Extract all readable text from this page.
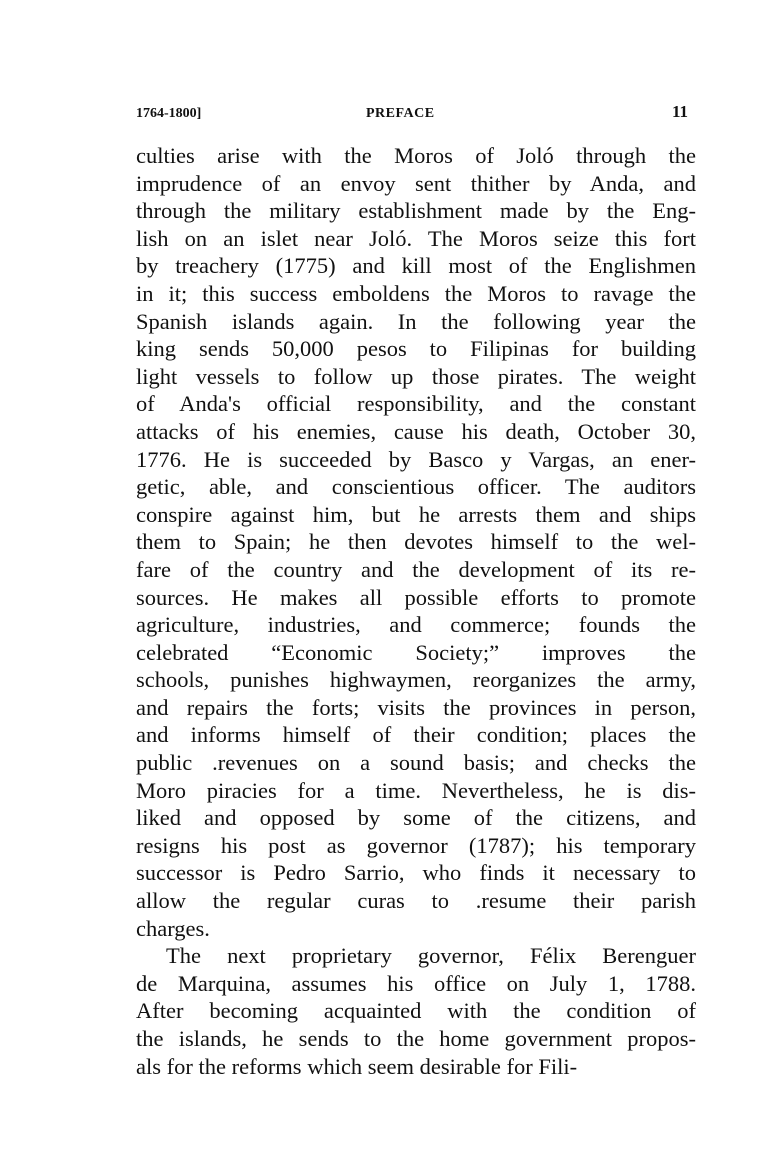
1764-1800]	PREFACE	11
culties arise with the Moros of Joló through the
imprudence of an envoy sent thither by Anda, and
through the military establishment made by the Eng-
lish on an islet near Joló. The Moros seize this fort
by treachery (1775) and kill most of the Englishmen
in it; this success emboldens the Moros to ravage the
Spanish islands again. In the following year the
king sends 50,000 pesos to Filipinas for building
light vessels to follow up those pirates. The weight
of Anda's official responsibility, and the constant
attacks of his enemies, cause his death, October 30,
1776. He is succeeded by Basco y Vargas, an ener-
getic, able, and conscientious officer. The auditors
conspire against him, but he arrests them and ships
them to Spain; he then devotes himself to the wel-
fare of the country and the development of its re-
sources. He makes all possible efforts to promote
agriculture, industries, and commerce; founds the
celebrated “Economic Society;” improves the
schools, punishes highwaymen, reorganizes the army,
and repairs the forts; visits the provinces in person,
and informs himself of their condition; places the
public .revenues on a sound basis; and checks the
Moro piracies for a time. Nevertheless, he is dis-
liked and opposed by some of the citizens, and
resigns his post as governor (1787); his temporary
successor is Pedro Sarrio, who finds it necessary to
allow the regular curas to .resume their parish
charges.
The next proprietary governor, Félix Berenguer
de Marquina, assumes his office on July 1, 1788.
After becoming acquainted with the condition of
the islands, he sends to the home government propos-
als for the reforms which seem desirable for Fili-
